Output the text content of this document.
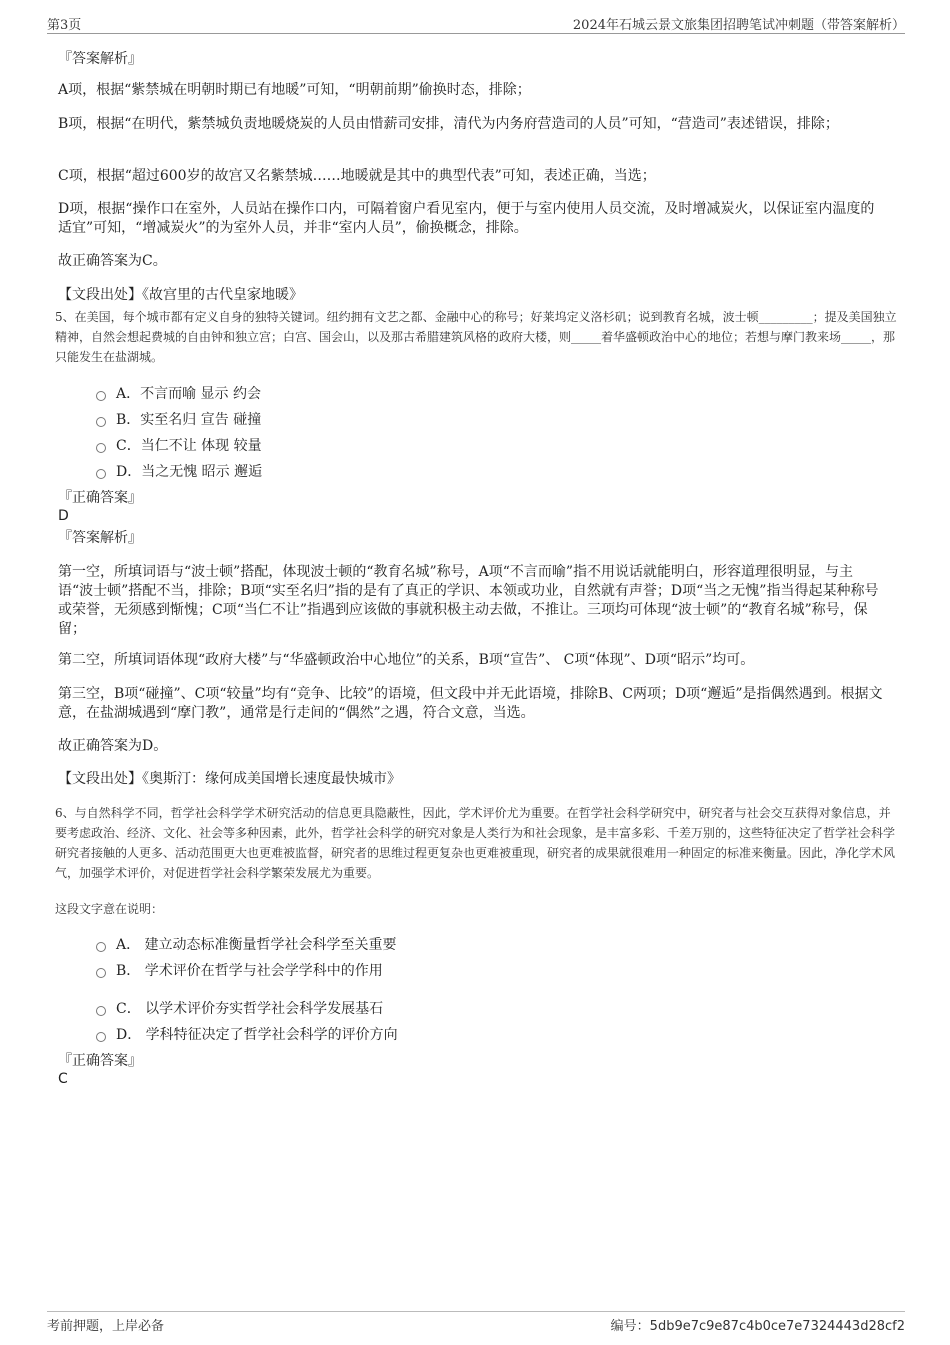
第3页	2024年石城云景文旅集团招聘笔试冲刺题（带答案解析）
『答案解析』
A项，根据“紫禁城在明朝时期已有地暖”可知，“明朝前期”偷换时态，排除；
B项，根据“在明代，紫禁城负责地暖烧炭的人员由惜薪司安排，清代为内务府营造司的人员”可知，“营造司”表述错误，排除；
C项，根据“超过600岁的故宫又名紫禁城……地暖就是其中的典型代表”可知，表述正确，当选；
D项，根据“操作口在室外，人员站在操作口内，可隔着窗户看见室内，便于与室内使用人员交流，及时增减炭火，以保证室内温度的适宜”可知，“增减炭火”的为室外人员，并非“室内人员”，偷换概念，排除。
故正确答案为C。
【文段出处】《故宫里的古代皇家地暖》
5、在美国，每个城市都有定义自身的独特关键词。纽约拥有文艺之都、金融中心的称号；好莱坞定义洛杉矶；说到教育名城，波士顿_________；提及美国独立精神，自然会想起费城的自由钟和独立宫；白宫、国会山，以及那古希腊建筑风格的政府大楼，则_____着华盛顿政治中心的地位；若想与摩门教来场_____，那只能发生在盐湖城。
A．不言而喻 显示 约会
B．实至名归 宣告 碰撞
C．当仁不让 体现 较量
D．当之无愧 昭示 邂逅
『正确答案』
D
『答案解析』
第一空，所填词语与“波士顿”搭配，体现波士顿的“教育名城”称号，A项“不言而喻”指不用说话就能明白，形容道理很明显，与主语“波士顿”搭配不当，排除；B项“实至名归”指的是有了真正的学识、本领或功业，自然就有声誉；D项“当之无愧”指当得起某种称号或荣誉，无须感到惭愧；C项“当仁不让”指遇到应该做的事就积极主动去做，不推让。三项均可体现“波士顿”的“教育名城”称号，保留；
第二空，所填词语体现“政府大楼”与“华盛顿政治中心地位”的关系，B项“宣告”、 C项“体现”、D项“昭示”均可。
第三空，B项“碰撞”、C项“较量”均有“竞争、比较”的语境，但文段中并无此语境，排除B、C两项；D项“邂逅”是指偶然遇到。根据文意，在盐湖城遇到“摩门教”，通常是行走间的“偶然”之遇，符合文意，当选。
故正确答案为D。
【文段出处】《奥斯汀：缘何成美国增长速度最快城市》
6、与自然科学不同，哲学社会科学学术研究活动的信息更具隐蔽性，因此，学术评价尤为重要。在哲学社会科学研究中，研究者与社会交互获得对象信息，并要考虑政治、经济、文化、社会等多种因素，此外，哲学社会科学的研究对象是人类行为和社会现象，是丰富多彩、千差万别的，这些特征决定了哲学社会科学研究者接触的人更多、活动范围更大也更难被监督，研究者的思维过程更复杂也更难被重现，研究者的成果就很难用一种固定的标准来衡量。因此，净化学术风气，加强学术评价，对促进哲学社会科学繁荣发展尤为重要。
这段文字意在说明：
A． 建立动态标准衡量哲学社会科学至关重要
B． 学术评价在哲学与社会学学科中的作用
C． 以学术评价夯实哲学社会科学发展基石
D． 学科特征决定了哲学社会科学的评价方向
『正确答案』
C
考前押题，上岸必备	编号：5db9e7c9e87c4b0ce7e7324443d28cf2
